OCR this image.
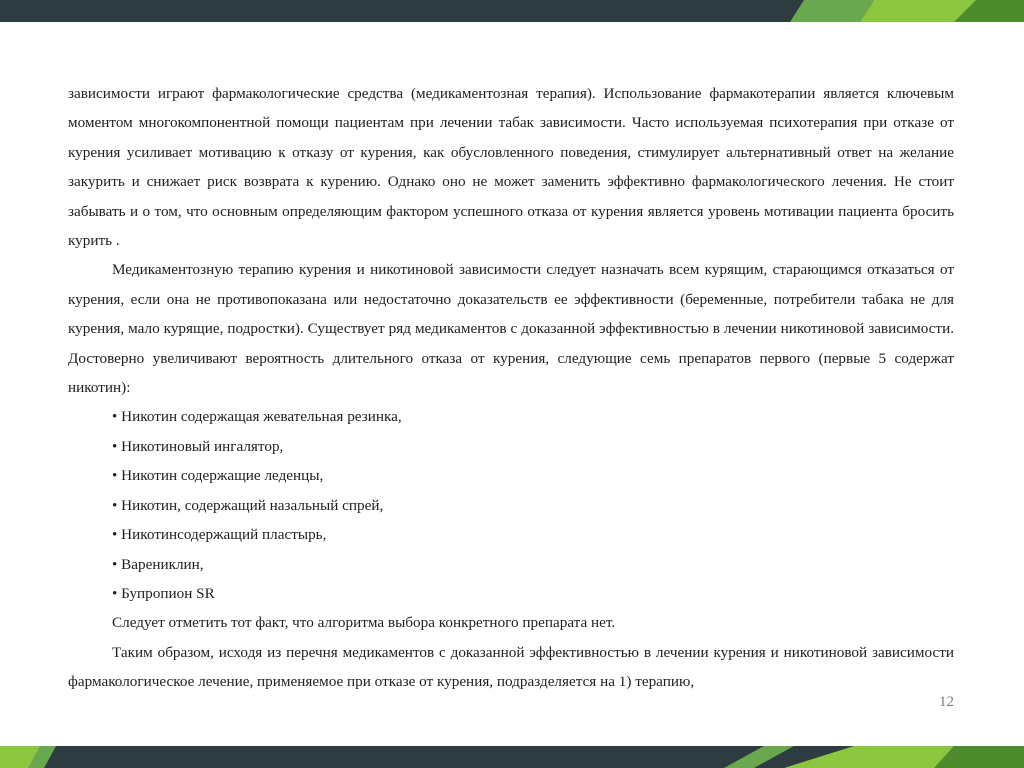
зависимости играют фармакологические средства (медикаментозная терапия). Использование фармакотерапии является ключевым моментом многокомпонентной помощи пациентам при лечении табак зависимости. Часто используемая психотерапия при отказе от курения усиливает мотивацию к отказу от курения, как обусловленного поведения, стимулирует альтернативный ответ на желание закурить и снижает риск возврата к курению. Однако оно не может заменить эффективно фармакологического лечения. Не стоит забывать и о том, что основным определяющим фактором успешного отказа от курения является уровень мотивации пациента бросить курить .

Медикаментозную терапию курения и никотиновой зависимости следует назначать всем курящим, старающимся отказаться от курения, если она не противопоказана или недостаточно доказательств ее эффективности (беременные, потребители табака не для курения, мало курящие, подростки). Существует ряд медикаментов с доказанной эффективностью в лечении никотиновой зависимости. Достоверно увеличивают вероятность длительного отказа от курения, следующие семь препаратов первого (первые 5 содержат никотин):

• Никотин содержащая жевательная резинка,
• Никотиновый ингалятор,
• Никотин содержащие леденцы,
• Никотин, содержащий назальный спрей,
• Никотинсодержащий пластырь,
• Варениклин,
• Бупропион SR

Следует отметить тот факт, что алгоритма выбора конкретного препарата нет.

Таким образом, исходя из перечня медикаментов с доказанной эффективностью в лечении курения и никотиновой зависимости фармакологическое лечение, применяемое при отказе от курения, подразделяется на 1) терапию,

12
